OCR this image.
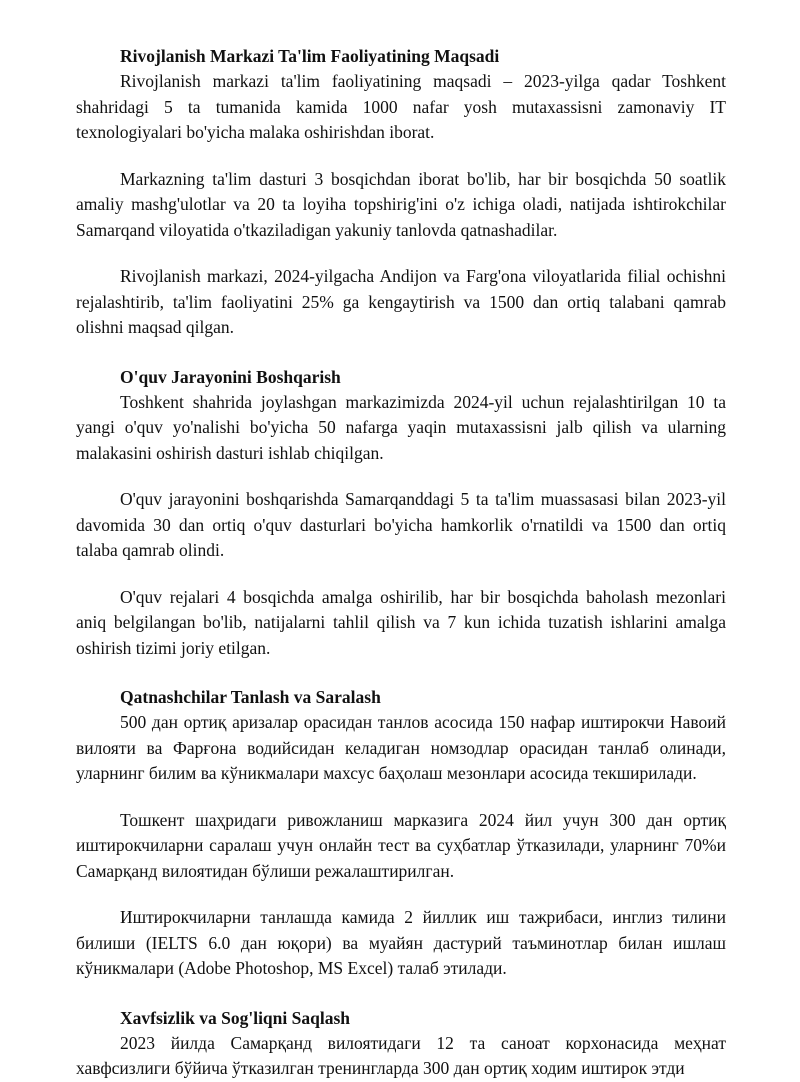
Rivojlanish Markazi Ta'lim Faoliyatining Maqsadi

Rivojlanish markazi ta'lim faoliyatining maqsadi – 2023-yilga qadar Toshkent shahridagi 5 ta tumanida kamida 1000 nafar yosh mutaxassisni zamonaviy IT texnologiyalari bo'yicha malaka oshirishdan iborat.

Markazning ta'lim dasturi 3 bosqichdan iborat bo'lib, har bir bosqichda 50 soatlik amaliy mashg'ulotlar va 20 ta loyiha topshirig'ini o'z ichiga oladi, natijada ishtirokchilar Samarqand viloyatida o'tkaziladigan yakuniy tanlovda qatnashadilar.

Rivojlanish markazi, 2024-yilgacha Andijon va Farg'ona viloyatlarida filial ochishni rejalashtirib, ta'lim faoliyatini 25% ga kengaytirish va 1500 dan ortiq talabani qamrab olishni maqsad qilgan.

O'quv Jarayonini Boshqarish

Toshkent shahrida joylashgan markazimizda 2024-yil uchun rejalashtirilgan 10 ta yangi o'quv yo'nalishi bo'yicha 50 nafarga yaqin mutaxassisni jalb qilish va ularning malakasini oshirish dasturi ishlab chiqilgan.

O'quv jarayonini boshqarishda Samarqanddagi 5 ta ta'lim muassasasi bilan 2023-yil davomida 30 dan ortiq o'quv dasturlari bo'yicha hamkorlik o'rnatildi va 1500 dan ortiq talaba qamrab olindi.

O'quv rejalari 4 bosqichda amalga oshirilib, har bir bosqichda baholash mezonlari aniq belgilangan bo'lib, natijalarni tahlil qilish va 7 kun ichida tuzatish ishlarini amalga oshirish tizimi joriy etilgan.

Qatnashchilar Tanlash va Saralash

500 дан ортиқ аризалар орасидан танлов асосида 150 нафар иштирокчи Навоий вилояти ва Фарғона водийсидан келадиган номзодлар орасидан танлаб олинади, уларнинг билим ва кўникмалари махсус баҳолаш мезонлари асосида текширилади.

Тошкент шаҳридаги ривожланиш марказига 2024 йил учун 300 дан ортиқ иштирокчиларни саралаш учун онлайн тест ва суҳбатлар ўтказилади, уларнинг 70%и Самарқанд вилоятидан бўлиши режалаштирилган.

Иштирокчиларни танлашда камида 2 йиллик иш тажрибаси, инглиз тилини билиши (IELTS 6.0 дан юқори) ва муайян дастурий таъминотлар билан ишлаш кўникмалари (Adobe Photoshop, MS Excel) талаб этилади.

Xavfsizlik va Sog'liqni Saqlash

2023 йилда Самарқанд вилоятидаги 12 та саноат корхонасида меҳнат хавфсизлиги бўйича ўтказилган тренингларда 300 дан ортиқ ходим иштирок этди
